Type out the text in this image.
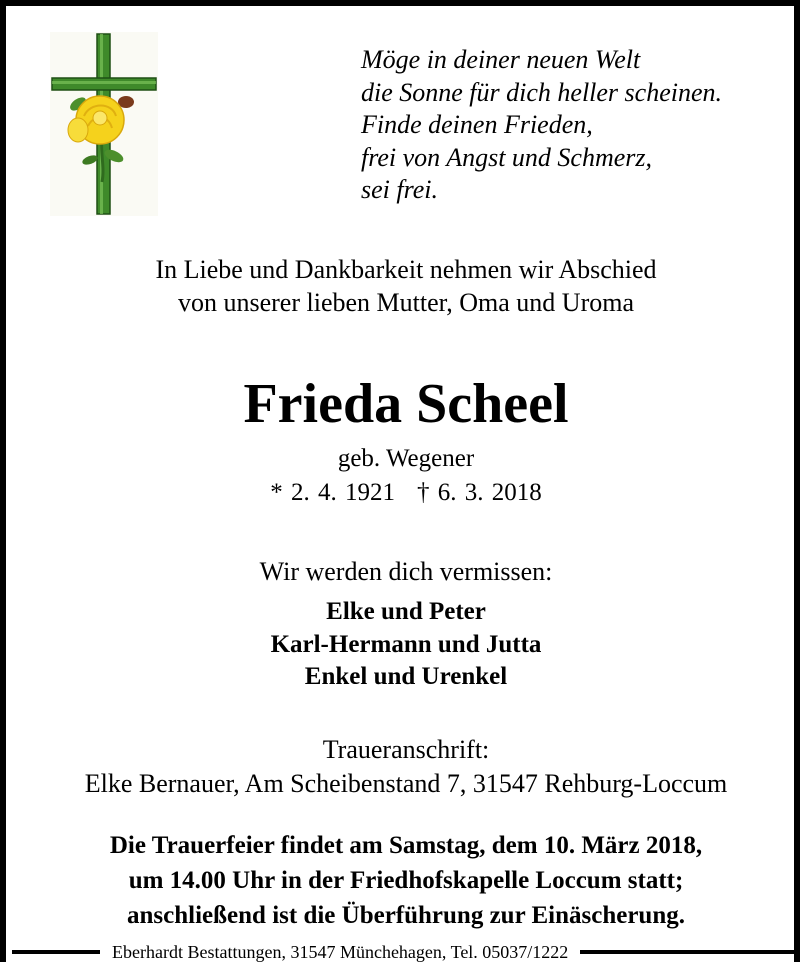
Möge in deiner neuen Welt
die Sonne für dich heller scheinen.
Finde deinen Frieden,
frei von Angst und Schmerz,
sei frei.
In Liebe und Dankbarkeit nehmen wir Abschied
von unserer lieben Mutter, Oma und Uroma
Frieda Scheel
geb. Wegener
* 2. 4. 1921 † 6. 3. 2018
Wir werden dich vermissen:
Elke und Peter
Karl-Hermann und Jutta
Enkel und Urenkel
Traueranschrift:
Elke Bernauer, Am Scheibenstand 7, 31547 Rehburg-Loccum
Die Trauerfeier findet am Samstag, dem 10. März 2018,
um 14.00 Uhr in der Friedhofskapelle Loccum statt;
anschließend ist die Überführung zur Einäscherung.
Eberhardt Bestattungen, 31547 Münchehagen, Tel. 05037/1222
